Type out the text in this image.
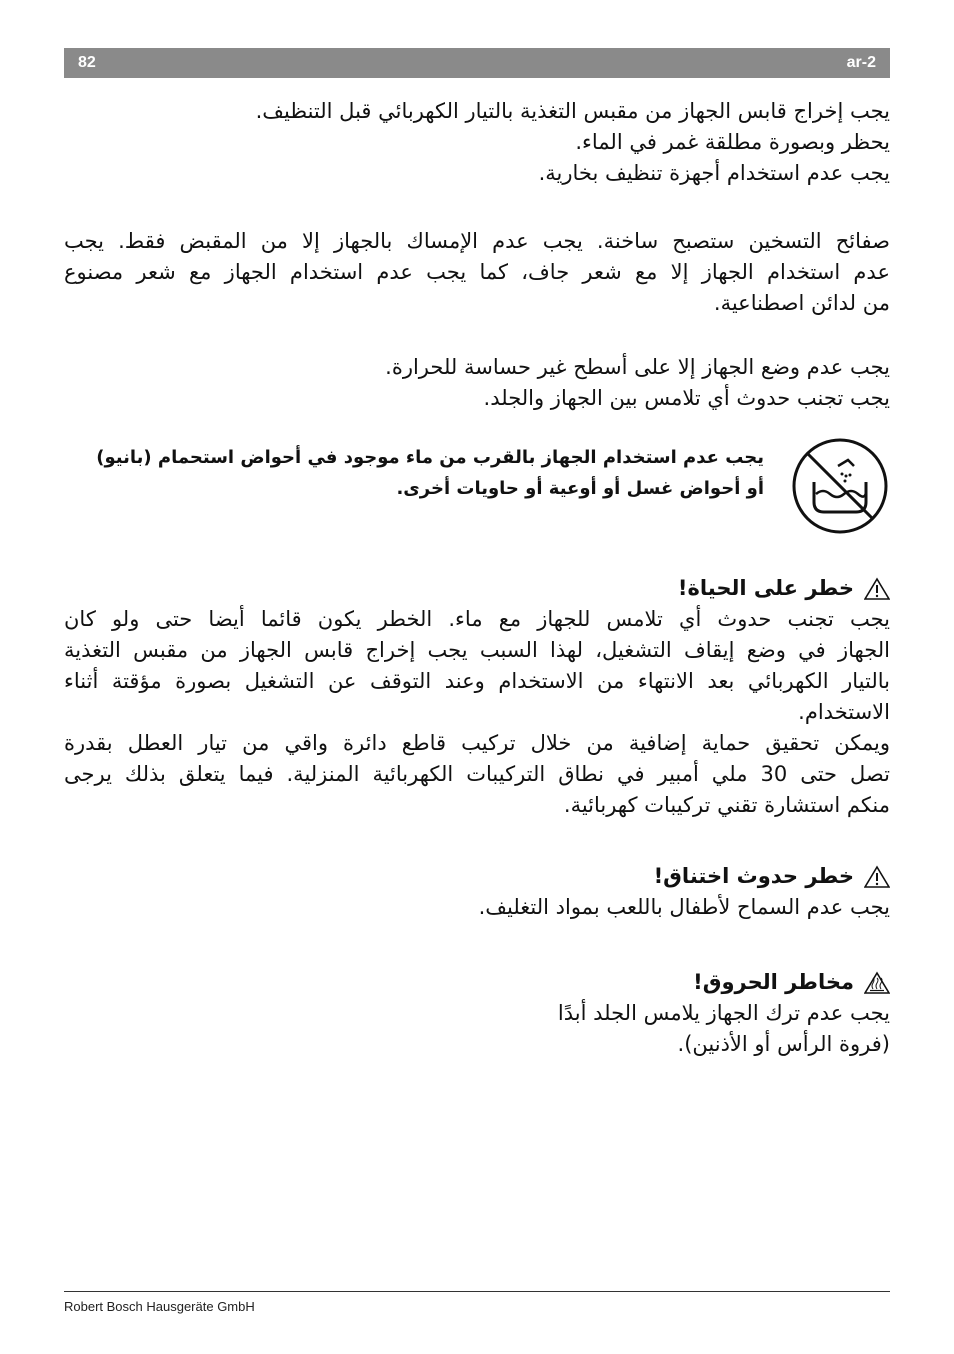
82	ar-2
يجب إخراج قابس الجهاز من مقبس التغذية بالتيار الكهربائي قبل التنظيف.
يحظر وبصورة مطلقة غمر في الماء.
يجب عدم استخدام أجهزة تنظيف بخارية.
صفائح التسخين ستصبح ساخنة. يجب عدم الإمساك بالجهاز إلا من المقبض فقط. يجب
عدم استخدام الجهاز إلا مع شعر جاف، كما يجب عدم استخدام الجهاز مع شعر مصنوع
من لدائن اصطناعية.
يجب عدم وضع الجهاز إلا على أسطح غير حساسة للحرارة.
يجب تجنب حدوث أي تلامس بين الجهاز والجلد.
يجب عدم استخدام الجهاز بالقرب من ماء موجود في أحواض استحمام (بانيو)
أو أحواض غسل أو أوعية أو حاويات أخرى.
خطر على الحياة!
يجب تجنب حدوث أي تلامس للجهاز مع ماء. الخطر يكون قائما أيضا حتى ولو كان
الجهاز في وضع إيقاف التشغيل، لهذا السبب يجب إخراج قابس الجهاز من مقبس التغذية
بالتيار الكهربائي بعد الانتهاء من الاستخدام وعند التوقف عن التشغيل بصورة مؤقتة أثناء
الاستخدام.
ويمكن تحقيق حماية إضافية من خلال تركيب قاطع دائرة واقي من تيار العطل بقدرة
تصل حتى 30 ملي أمبير في نطاق التركيبات الكهربائية المنزلية. فيما يتعلق بذلك يرجى
منكم استشارة تقني تركيبات كهربائية.
خطر حدوث اختناق!
يجب عدم السماح لأطفال باللعب بمواد التغليف.
مخاطر الحروق!
يجب عدم ترك الجهاز يلامس الجلد أبدًا
(فروة الرأس أو الأذنين).
Robert Bosch Hausgeräte GmbH
